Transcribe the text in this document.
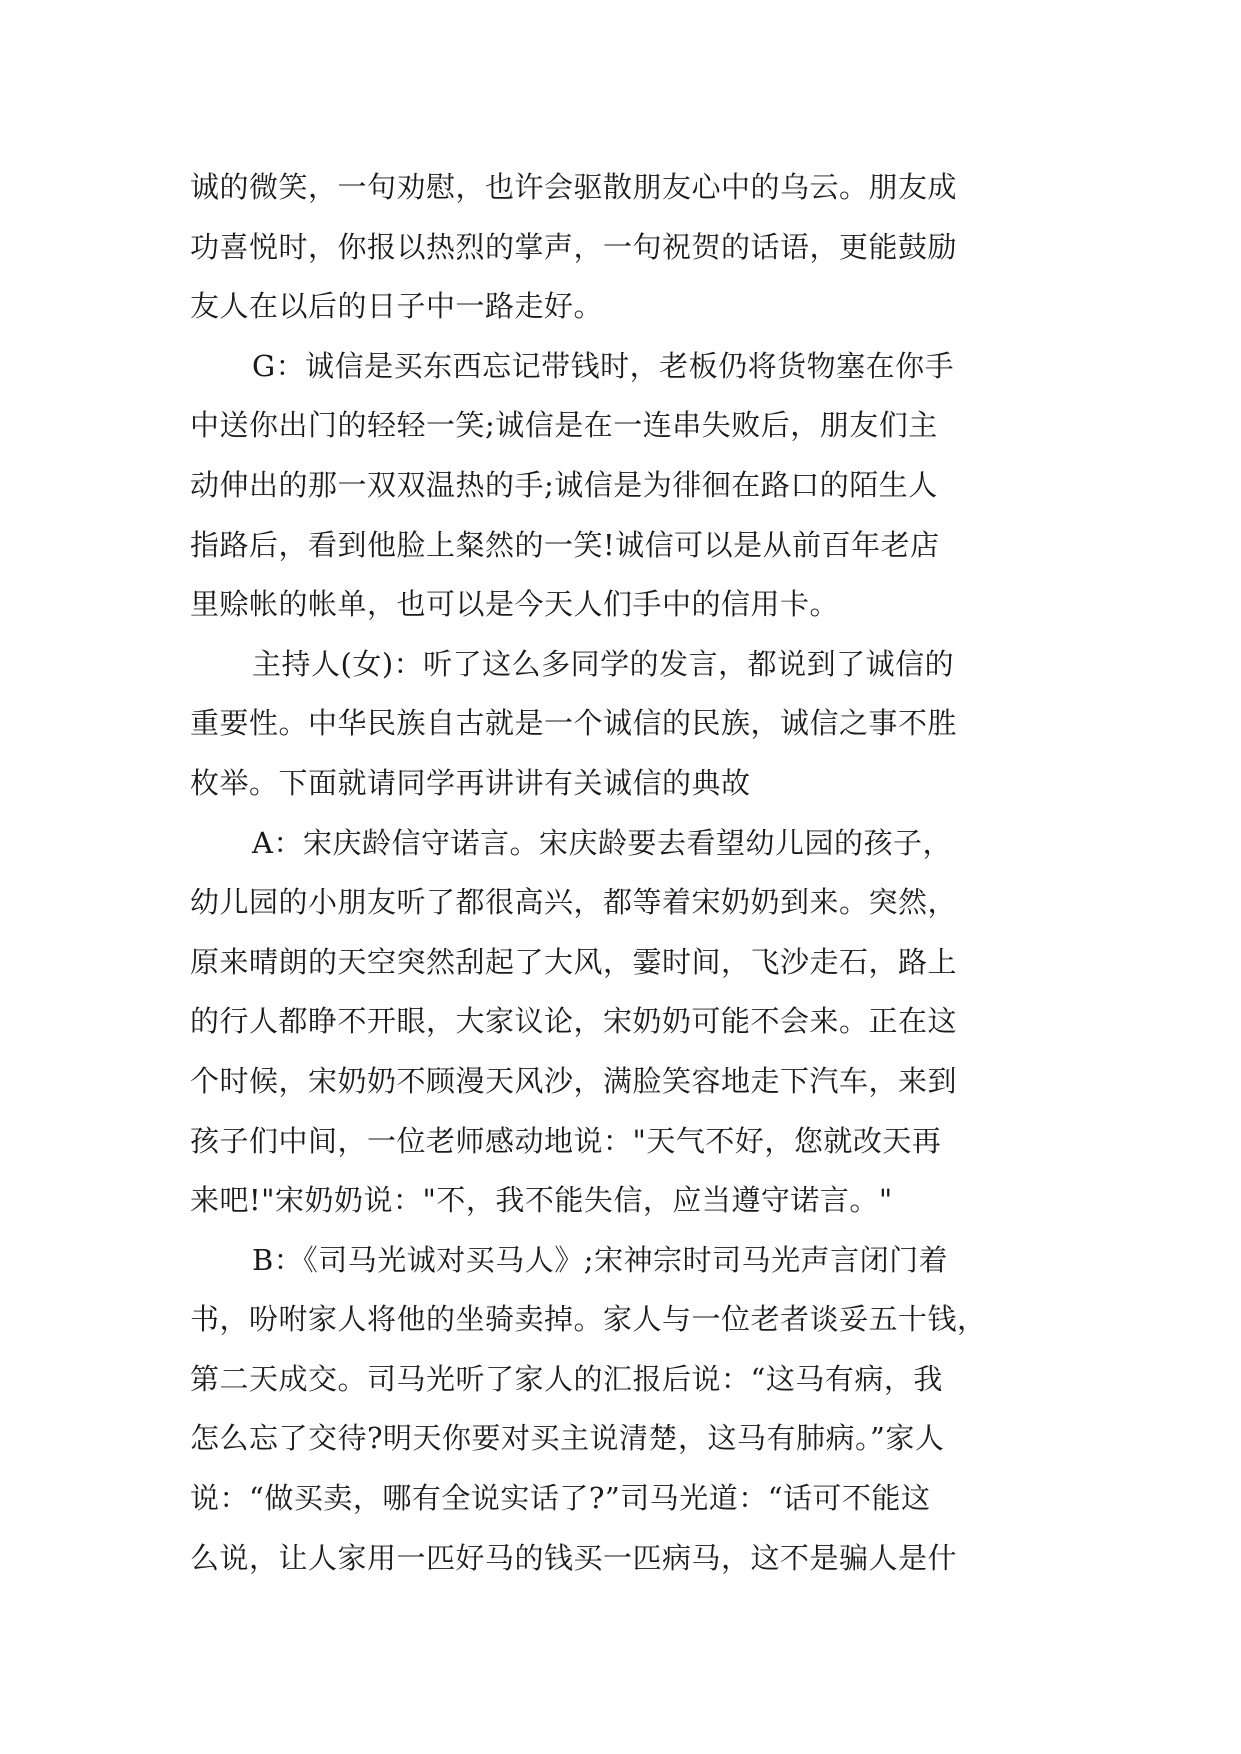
诚的微笑，一句劝慰，也许会驱散朋友心中的乌云。朋友成
功喜悦时，你报以热烈的掌声，一句祝贺的话语，更能鼓励
友人在以后的日子中一路走好。
G：诚信是买东西忘记带钱时，老板仍将货物塞在你手
中送你出门的轻轻一笑;诚信是在一连串失败后，朋友们主
动伸出的那一双双温热的手;诚信是为徘徊在路口的陌生人
指路后，看到他脸上粲然的一笑!诚信可以是从前百年老店
里赊帐的帐单，也可以是今天人们手中的信用卡。
主持人(女)：听了这么多同学的发言，都说到了诚信的
重要性。中华民族自古就是一个诚信的民族，诚信之事不胜
枚举。下面就请同学再讲讲有关诚信的典故
A：宋庆龄信守诺言。宋庆龄要去看望幼儿园的孩子，
幼儿园的小朋友听了都很高兴，都等着宋奶奶到来。突然，
原来晴朗的天空突然刮起了大风，霎时间，飞沙走石，路上
的行人都睁不开眼，大家议论，宋奶奶可能不会来。正在这
个时候，宋奶奶不顾漫天风沙，满脸笑容地走下汽车，来到
孩子们中间，一位老师感动地说："天气不好，您就改天再
来吧!"宋奶奶说："不，我不能失信，应当遵守诺言。"
B：《司马光诚对买马人》;宋神宗时司马光声言闭门着
书，吩咐家人将他的坐骑卖掉。家人与一位老者谈妥五十钱，
第二天成交。司马光听了家人的汇报后说：“这马有病，我
怎么忘了交待?明天你要对买主说清楚，这马有肺病。”家人
说：“做买卖，哪有全说实话了?”司马光道：“话可不能这
么说，让人家用一匹好马的钱买一匹病马，这不是骗人是什
